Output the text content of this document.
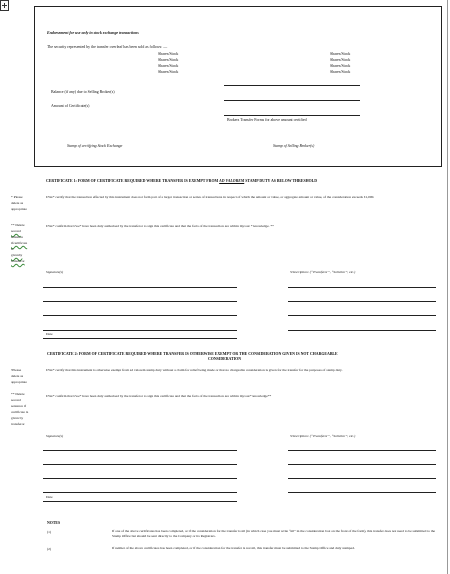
Endorsement for use only in stock exchange transactions
The security represented by the transfer overleaf has been sold as follows: —
Shares/Stock
Shares/Stock
Shares/Stock
Shares/Stock
Shares/Stock
Shares/Stock
Shares/Stock
Shares/Stock
Balance (if any) due to Selling Broker(s)
Amount of Certificate(s)
Brokers Transfer Forms for above amount certified
Stamp of certifying Stock Exchange	Stamp of Selling Broker(s)
CERTIFICATE 1: FORM OF CERTIFICATE REQUIRED WHERE TRANSFER IS EXEMPT FROM AD VALOREM STAMP DUTY AS BELOW THRESHOLD
I/We* certify that the transaction effected by this instrument does not form part of a larger transaction or series of transactions in respect of which the amount or value, or aggregate amount or value, of the consideration exceeds £1,000.
I/We* confirm that I/we* have been duly authorised by the transferor to sign this certificate and that the facts of the transaction are within my/our * knowledge. **
* Please
delete as
appropriate
** Delete
second
sentence
ifcertificate
is
givenby
transferor
Signature(s)	•Description: (“Transferor”, “Solicitor”, etc.)
Date
CERTIFICATE 2: FORM OF CERTIFICATE REQUIRED WHERE TRANSFER IS OTHERWISE EXEMPT OR THE CONSIDERATION GIVEN IS NOT CHARGEABLE
CONSIDERATION
I/We* certify that this instrument is otherwise exempt from ad valorem stamp duty without a claim for relief being made or that no chargeable consideration is given for the transfer for the purposes of stamp duty.
I/We* confirm that I/we* have been duly authorised by the transferor to sign this certificate and that the facts of the transaction are within my/our* knowledge**
•Please
delete as
appropriate
** Delete
second
sentence if
certificate is
given by
transferor
Signature(s)	•Description: (“Transferor”, “Solicitor”, etc.)
Date
NOTES
(1)	If one of the above certificates has been completed, or if the consideration for the transfer is nil (in which case you must write “nil” in the consideration box on the front of the form), this transfer does not need to be submitted to the Stamp Office but should be sent directly to the Company or its Registrars.
(2)	If neither of the above certificates has been completed, or if the consideration for the transfer is not nil, this transfer must be submitted to the Stamp Office and duly stamped.
